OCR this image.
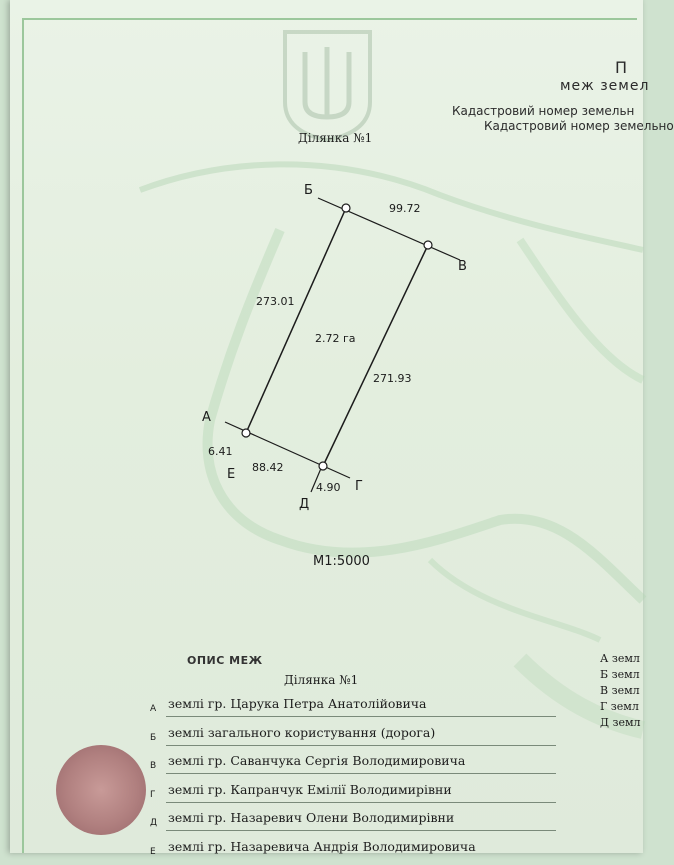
П
меж земел
Кадастровий номер земельн
Кадастровий номер земельно
Ділянка №1
Б
В
А
Е
Г
Д
99.72
273.01
271.93
6.41
88.42
4.90
2.72 га
М1:5000
ОПИС МЕЖ
Ділянка №1
А землі гр. Царука Петра Анатолійовича
Б землі загального користування (дорога)
В землі гр. Саванчука Сергія Володимировича
Г землі гр. Капранчук Емілії Володимирівни
Д землі гр. Назаревич Олени Володимирівни
Е землі гр. Назаревича Андрія Володимировича
А земл
Б земл
В земл
Г земл
Д земл
